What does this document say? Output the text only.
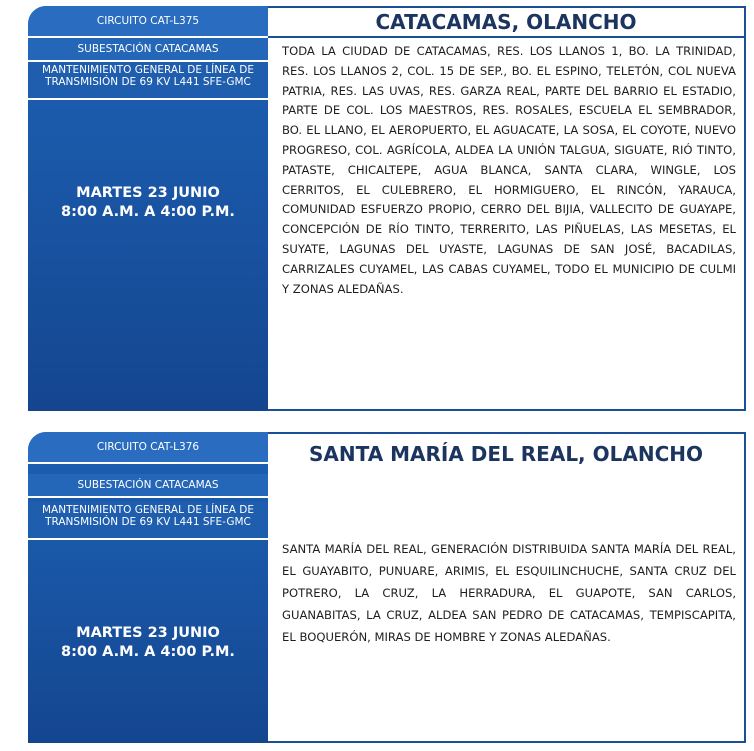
CIRCUITO CAT-L375
SUBESTACIÓN CATACAMAS
MANTENIMIENTO GENERAL DE LÍNEA DE TRANSMISIÓN DE 69 KV L441 SFE-GMC
MARTES 23 JUNIO
8:00 A.M. A 4:00 P.M.
CATACAMAS, OLANCHO
TODA LA CIUDAD DE CATACAMAS, RES. LOS LLANOS 1, BO. LA TRINIDAD, RES. LOS LLANOS 2, COL. 15 DE SEP., BO. EL ESPINO, TELETÓN, COL NUEVA PATRIA, RES. LAS UVAS, RES. GARZA REAL, PARTE DEL BARRIO EL ESTADIO, PARTE DE COL. LOS MAESTROS, RES. ROSALES, ESCUELA EL SEMBRADOR, BO. EL LLANO, EL AEROPUERTO, EL AGUACATE, LA SOSA, EL COYOTE, NUEVO PROGRESO, COL. AGRÍCOLA, ALDEA LA UNIÓN TALGUA, SIGUATE, RIÓ TINTO, PATASTE, CHICALTEPE, AGUA BLANCA, SANTA CLARA, WINGLE, LOS CERRITOS, EL CULEBRERO, EL HORMIGUERO, EL RINCÓN, YARAUCA, COMUNIDAD ESFUERZO PROPIO, CERRO DEL BIJIA, VALLECITO DE GUAYAPE, CONCEPCIÓN DE RÍO TINTO, TERRERITO, LAS PIÑUELAS, LAS MESETAS, EL SUYATE, LAGUNAS DEL UYASTE, LAGUNAS DE SAN JOSÉ, BACADILAS, CARRIZALES CUYAMEL, LAS CABAS CUYAMEL, TODO EL MUNICIPIO DE CULMI Y ZONAS ALEDAÑAS.
CIRCUITO CAT-L376
SUBESTACIÓN CATACAMAS
MANTENIMIENTO GENERAL DE LÍNEA DE TRANSMISIÓN DE 69 KV L441 SFE-GMC
MARTES 23 JUNIO
8:00 A.M. A 4:00 P.M.
SANTA MARÍA DEL REAL, OLANCHO
SANTA MARÍA DEL REAL, GENERACIÓN DISTRIBUIDA SANTA MARÍA DEL REAL, EL GUAYABITO, PUNUARE, ARIMIS, EL ESQUILINCHUCHE, SANTA CRUZ DEL POTRERO, LA CRUZ, LA HERRADURA, EL GUAPOTE, SAN CARLOS, GUANABITAS, LA CRUZ, ALDEA SAN PEDRO DE CATACAMAS, TEMPISCAPITA, EL BOQUERÓN, MIRAS DE HOMBRE Y ZONAS ALEDAÑAS.
